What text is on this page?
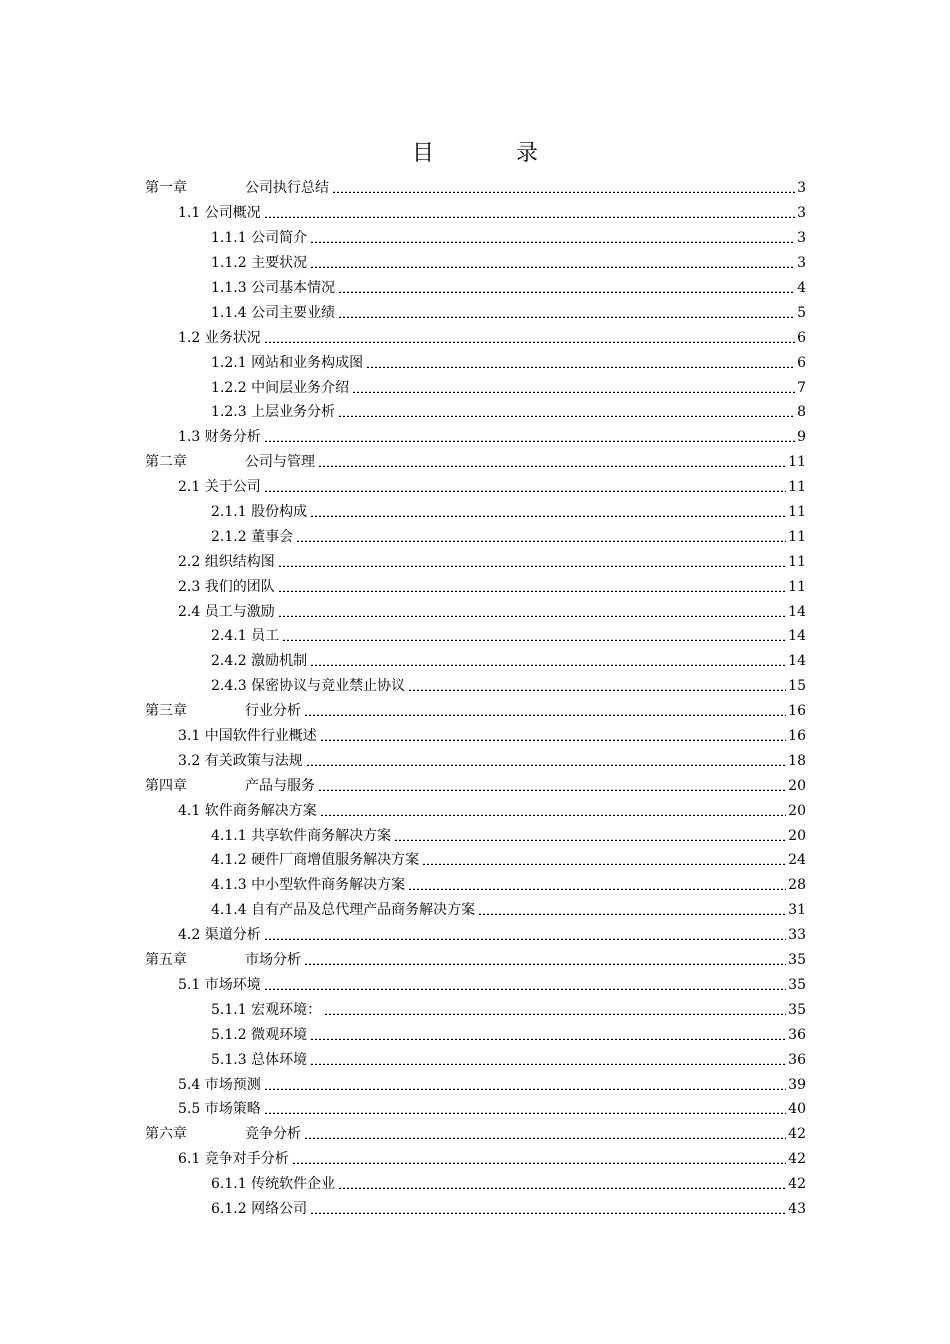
目　录
第一章	公司执行总结	3
1.1 公司概况	3
1.1.1 公司简介	3
1.1.2 主要状况	3
1.1.3 公司基本情况	4
1.1.4 公司主要业绩	5
1.2 业务状况	6
1.2.1 网站和业务构成图	6
1.2.2 中间层业务介绍	7
1.2.3 上层业务分析	8
1.3 财务分析	9
第二章	公司与管理	11
2.1 关于公司	11
2.1.1 股份构成	11
2.1.2 董事会	11
2.2 组织结构图	11
2.3 我们的团队	11
2.4 员工与激励	14
2.4.1 员工	14
2.4.2 激励机制	14
2.4.3 保密协议与竞业禁止协议	15
第三章	行业分析	16
3.1 中国软件行业概述	16
3.2 有关政策与法规	18
第四章	产品与服务	20
4.1 软件商务解决方案	20
4.1.1 共享软件商务解决方案	20
4.1.2 硬件厂商增值服务解决方案	24
4.1.3 中小型软件商务解决方案	28
4.1.4 自有产品及总代理产品商务解决方案	31
4.2 渠道分析	33
第五章	市场分析	35
5.1 市场环境	35
5.1.1 宏观环境：	35
5.1.2 微观环境	36
5.1.3 总体环境	36
5.4 市场预测	39
5.5 市场策略	40
第六章	竞争分析	42
6.1 竞争对手分析	42
6.1.1 传统软件企业	42
6.1.2 网络公司	43
